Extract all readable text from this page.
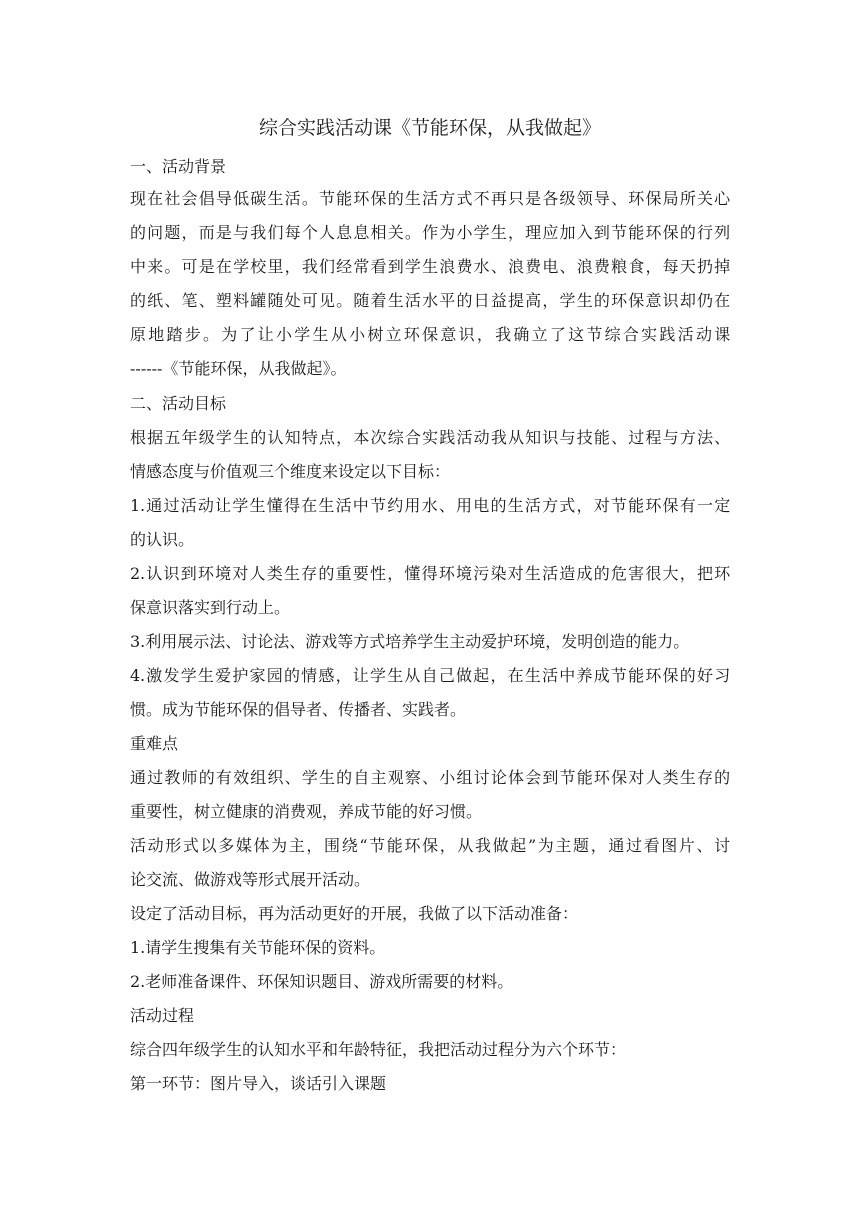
综合实践活动课《节能环保，从我做起》
一、活动背景
现在社会倡导低碳生活。节能环保的生活方式不再只是各级领导、环保局所关心
的问题，而是与我们每个人息息相关。作为小学生，理应加入到节能环保的行列
中来。可是在学校里，我们经常看到学生浪费水、浪费电、浪费粮食，每天扔掉
的纸、笔、塑料罐随处可见。随着生活水平的日益提高，学生的环保意识却仍在
原地踏步。为了让小学生从小树立环保意识，我确立了这节综合实践活动课
------《节能环保，从我做起》。
二、活动目标
根据五年级学生的认知特点，本次综合实践活动我从知识与技能、过程与方法、
情感态度与价值观三个维度来设定以下目标：
1.通过活动让学生懂得在生活中节约用水、用电的生活方式，对节能环保有一定
的认识。
2.认识到环境对人类生存的重要性，懂得环境污染对生活造成的危害很大，把环
保意识落实到行动上。
3.利用展示法、讨论法、游戏等方式培养学生主动爱护环境，发明创造的能力。
4.激发学生爱护家园的情感，让学生从自己做起，在生活中养成节能环保的好习
惯。成为节能环保的倡导者、传播者、实践者。
重难点
通过教师的有效组织、学生的自主观察、小组讨论体会到节能环保对人类生存的
重要性，树立健康的消费观，养成节能的好习惯。
活动形式以多媒体为主，围绕“节能环保，从我做起”为主题，通过看图片、讨
论交流、做游戏等形式展开活动。
设定了活动目标，再为活动更好的开展，我做了以下活动准备：
1.请学生搜集有关节能环保的资料。
2.老师准备课件、环保知识题目、游戏所需要的材料。
活动过程
综合四年级学生的认知水平和年龄特征，我把活动过程分为六个环节：
第一环节：图片导入，谈话引入课题
